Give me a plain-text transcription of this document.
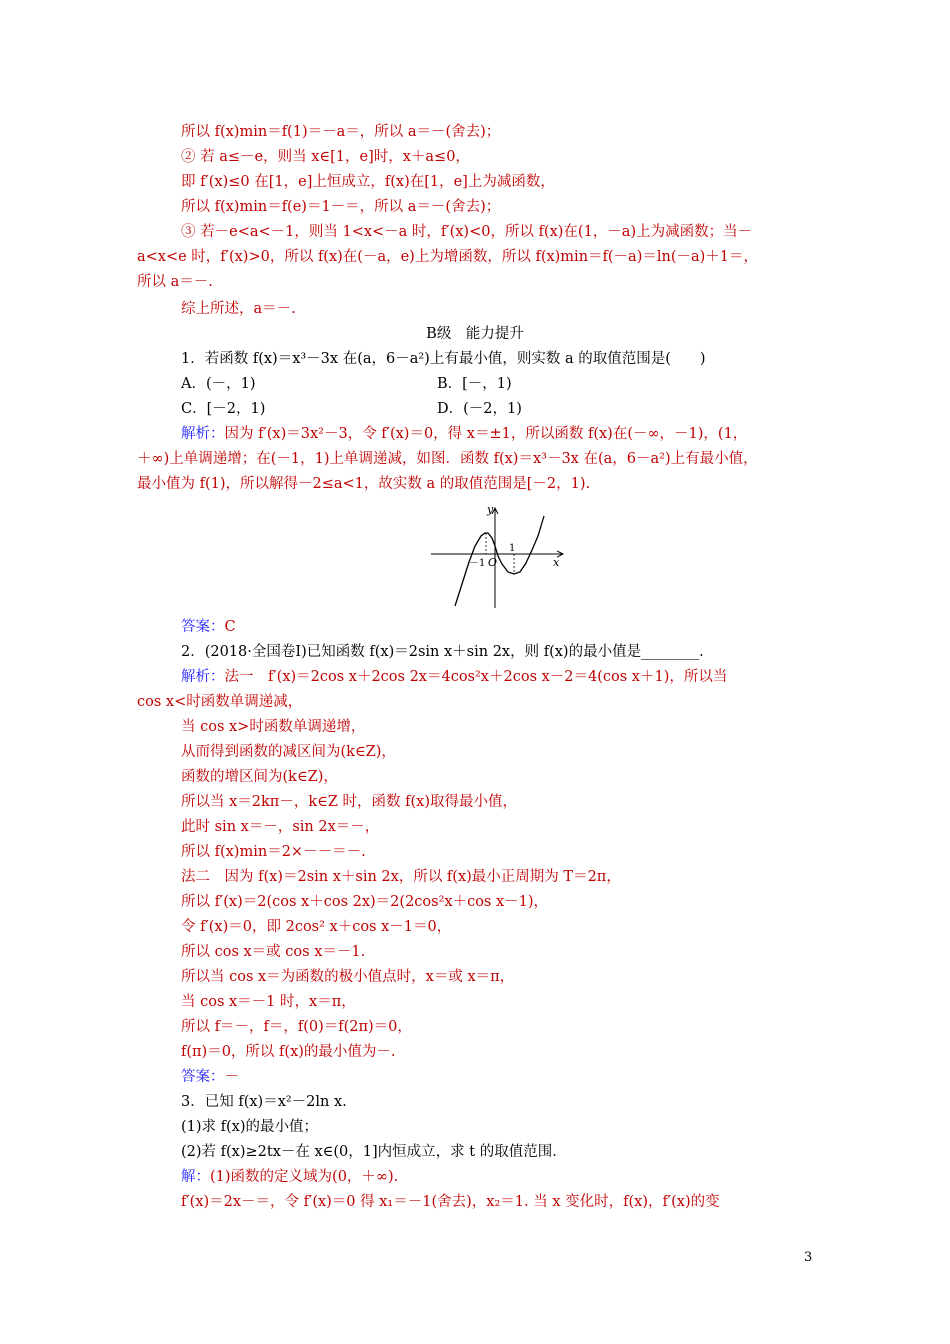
所以 f(x)min＝f(1)＝－a＝，所以 a＝－(舍去)；
② 若 a≤－e，则当 x∈[1，e]时，x＋a≤0，
即 f′(x)≤0 在[1，e]上恒成立，f(x)在[1，e]上为减函数，
所以 f(x)min＝f(e)＝1－＝，所以 a＝－(舍去)；
③ 若－e<a<－1，则当 1<x<－a 时，f′(x)<0，所以 f(x)在(1，－a)上为减函数；当－
a<x<e 时，f′(x)>0，所以 f(x)在(－a，e)上为增函数，所以 f(x)min＝f(－a)＝ln(－a)＋1＝，
所以 a＝－.
综上所述，a＝－.
B级　能力提升
1．若函数 f(x)＝x³－3x 在(a，6－a²)上有最小值，则实数 a 的取值范围是(　　)
A．(－，1)	B．[－，1)
C．[－2，1)	D．(－2，1)
解析：因为 f′(x)＝3x²－3，令 f′(x)＝0，得 x＝±1，所以函数 f(x)在(－∞，－1)，(1，
＋∞)上单调递增；在(－1，1)上单调递减，如图．函数 f(x)＝x³－3x 在(a，6－a²)上有最小值，
最小值为 f(1)，所以解得－2≤a<1，故实数 a 的取值范围是[－2，1).
y
x
O
－1
1
答案：C
2．(2018·全国卷Ⅰ)已知函数 f(x)＝2sin x＋sin 2x，则 f(x)的最小值是________.
解析：法一　f′(x)＝2cos x＋2cos 2x＝4cos²x＋2cos x－2＝4(cos x＋1)，所以当
cos x<时函数单调递减，
当 cos x>时函数单调递增，
从而得到函数的减区间为(k∈Z)，
函数的增区间为(k∈Z)，
所以当 x＝2kπ－，k∈Z 时，函数 f(x)取得最小值，
此时 sin x＝－，sin 2x＝－，
所以 f(x)min＝2×－－＝－.
法二　因为 f(x)＝2sin x＋sin 2x，所以 f(x)最小正周期为 T＝2π，
所以 f′(x)＝2(cos x＋cos 2x)＝2(2cos²x＋cos x－1)，
令 f′(x)＝0，即 2cos² x＋cos x－1＝0，
所以 cos x＝或 cos x＝－1.
所以当 cos x＝为函数的极小值点时，x＝或 x＝π，
当 cos x＝－1 时，x＝π，
所以 f＝－，f＝，f(0)＝f(2π)＝0，
f(π)＝0，所以 f(x)的最小值为－.
答案：－
3．已知 f(x)＝x²－2ln x.
(1)求 f(x)的最小值；
(2)若 f(x)≥2tx－在 x∈(0，1]内恒成立，求 t 的取值范围．
解：(1)函数的定义域为(0，＋∞).
f′(x)＝2x－＝，令 f′(x)＝0 得 x₁＝－1(舍去)，x₂＝1. 当 x 变化时，f(x)，f′(x)的变
3
